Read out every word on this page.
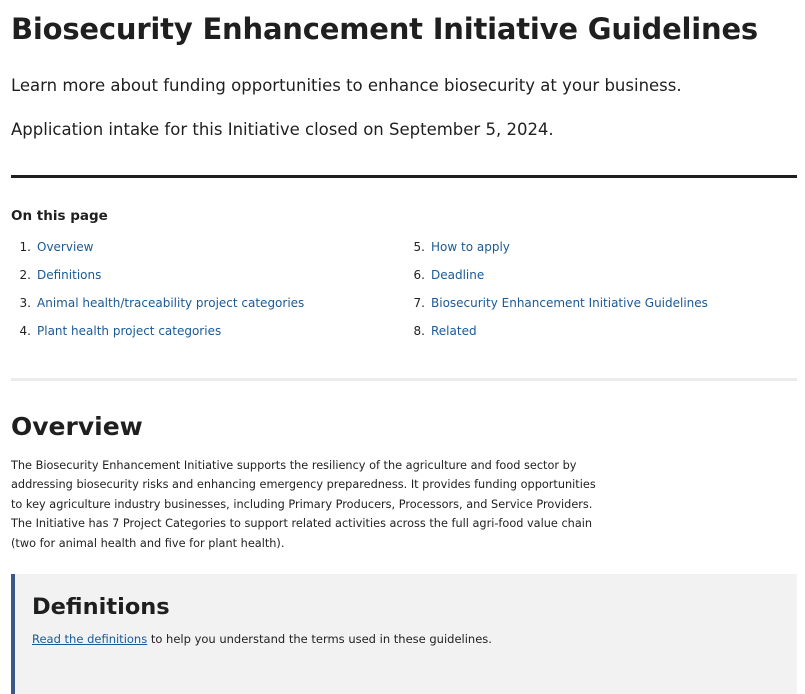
Biosecurity Enhancement Initiative Guidelines

Learn more about funding opportunities to enhance biosecurity at your business.

Application intake for this Initiative closed on September 5, 2024.

On this page
1. Overview
2. Definitions
3. Animal health/traceability project categories
4. Plant health project categories
5. How to apply
6. Deadline
7. Biosecurity Enhancement Initiative Guidelines
8. Related
Overview

The Biosecurity Enhancement Initiative supports the resiliency of the agriculture and food sector by addressing biosecurity risks and enhancing emergency preparedness. It provides funding opportunities to key agriculture industry businesses, including Primary Producers, Processors, and Service Providers. The Initiative has 7 Project Categories to support related activities across the full agri-food value chain (two for animal health and five for plant health).

Definitions

Read the definitions to help you understand the terms used in these guidelines.
